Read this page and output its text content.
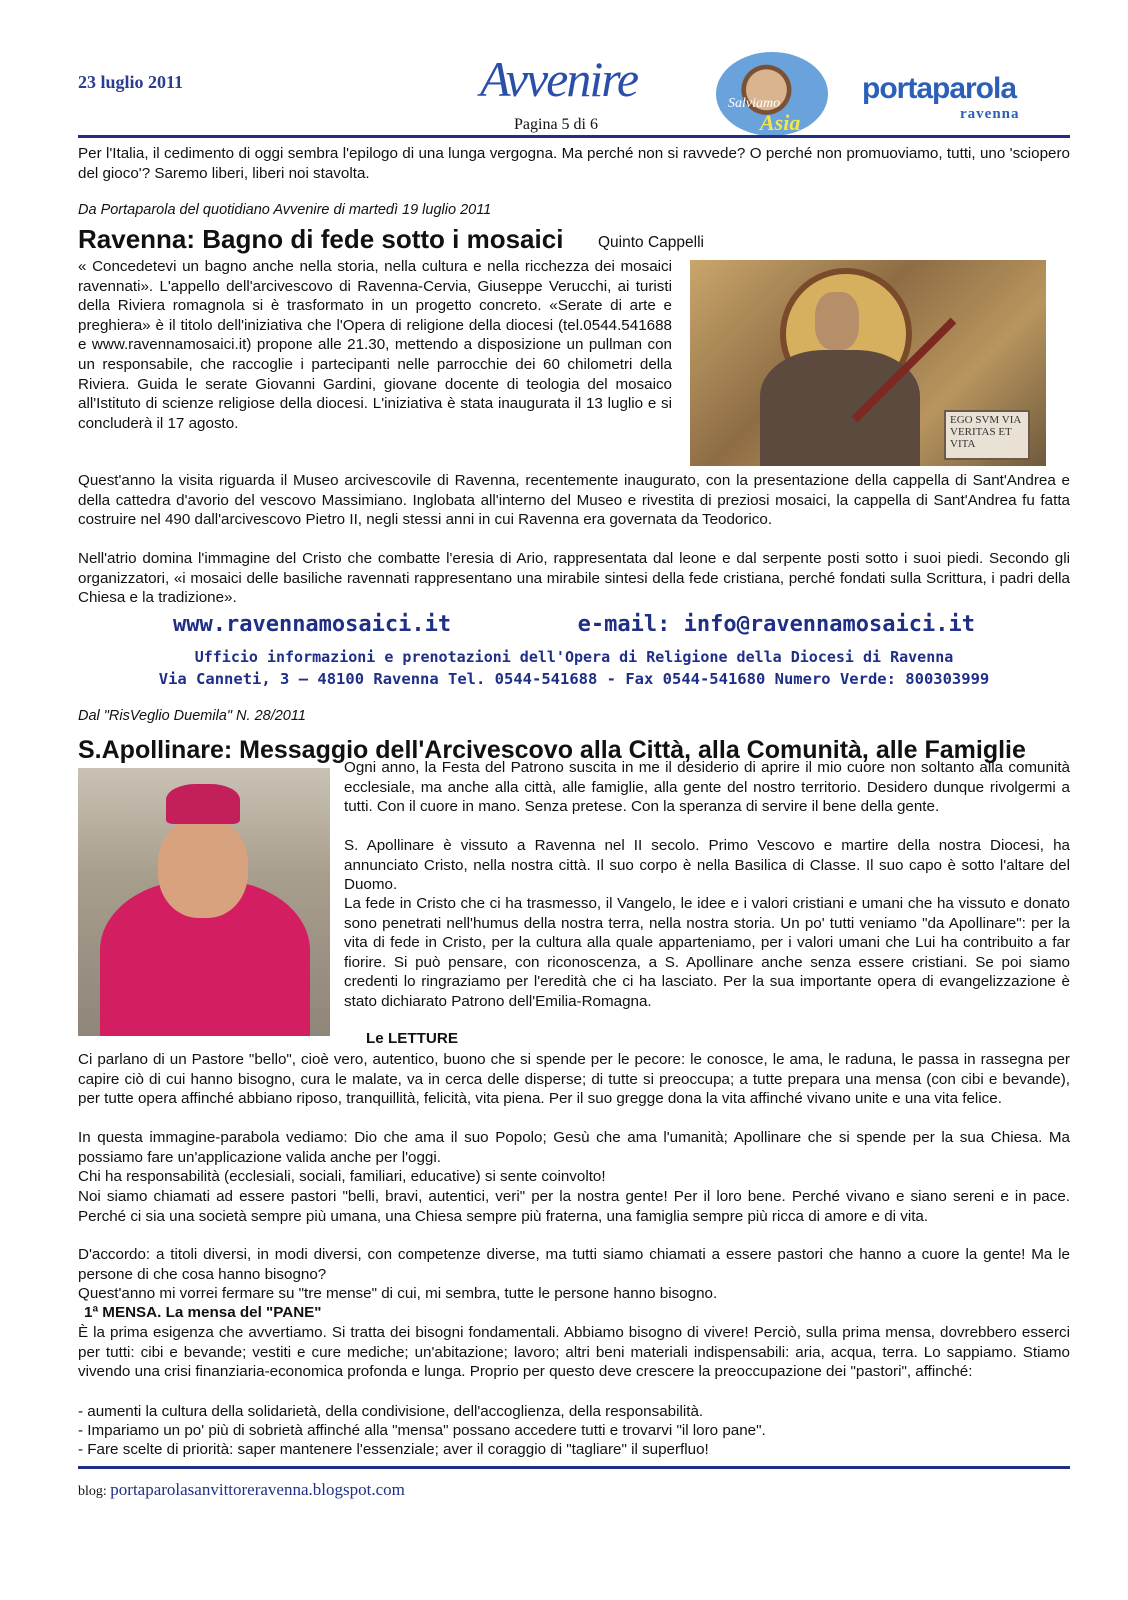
23 luglio 2011	Avvenire
Pagina 5 di 6
Salviamo
Asia
portaparola
ravenna
Per l'Italia, il cedimento di oggi sembra l'epilogo di una lunga vergogna. Ma perché non si ravvede? O perché non promuoviamo, tutti, uno 'sciopero del gioco'? Saremo liberi, liberi noi stavolta.
Da Portaparola del quotidiano Avvenire di martedì 19 luglio 2011
Ravenna: Bagno di fede sotto i mosaici Quinto Cappelli
« Concedetevi un bagno anche nella storia, nella cultura e nella ricchezza dei mosaici ravennati». L'appello dell'arcivescovo di Ravenna-Cervia, Giuseppe Verucchi, ai turisti della Riviera romagnola si è trasformato in un progetto concreto. «Serate di arte e preghiera» è il titolo dell'iniziativa che l'Opera di religione della diocesi (tel.0544.541688 e www.ravennamosaici.it) propone alle 21.30, mettendo a disposizione un pullman con un responsabile, che raccoglie i partecipanti nelle parrocchie dei 60 chilometri della Riviera. Guida le serate Giovanni Gardini, giovane docente di teologia del mosaico all'Istituto di scienze religiose della diocesi. L'iniziativa è stata inaugurata il 13 luglio e si concluderà il 17 agosto.	EGO SVM VIA VERITAS ET VITA
Quest'anno la visita riguarda il Museo arcivescovile di Ravenna, recentemente inaugurato, con la presentazione della cappella di Sant'Andrea e della cattedra d'avorio del vescovo Massimiano. Inglobata all'interno del Museo e rivestita di preziosi mosaici, la cappella di Sant'Andrea fu fatta costruire nel 490 dall'arcivescovo Pietro II, negli stessi anni in cui Ravenna era governata da Teodorico.
Nell'atrio domina l'immagine del Cristo che combatte l'eresia di Ario, rappresentata dal leone e dal serpente posti sotto i suoi piedi. Secondo gli organizzatori, «i mosaici delle basiliche ravennati rappresentano una mirabile sintesi della fede cristiana, perché fondati sulla Scrittura, i padri della Chiesa e la tradizione».
www.ravennamosaici.it	e-mail: info@ravennamosaici.it
Ufficio informazioni e prenotazioni dell'Opera di Religione della Diocesi di Ravenna
Via Canneti, 3 – 48100 Ravenna Tel. 0544-541688 - Fax 0544-541680 Numero Verde: 800303999
Dal "RisVeglio Duemila" N. 28/2011
S.Apollinare: Messaggio dell'Arcivescovo alla Città, alla Comunità, alle Famiglie
Ogni anno, la Festa del Patrono suscita in me il desiderio di aprire il mio cuore non soltanto alla comunità ecclesiale, ma anche alla città, alle famiglie, alla gente del nostro territorio. Desidero dunque rivolgermi a tutti. Con il cuore in mano. Senza pretese. Con la speranza di servire il bene della gente.
S. Apollinare è vissuto a Ravenna nel II secolo. Primo Vescovo e martire della nostra Diocesi, ha annunciato Cristo, nella nostra città. Il suo corpo è nella Basilica di Classe. Il suo capo è sotto l'altare del Duomo.
La fede in Cristo che ci ha trasmesso, il Vangelo, le idee e i valori cristiani e umani che ha vissuto e donato sono penetrati nell'humus della nostra terra, nella nostra storia. Un po' tutti veniamo "da Apollinare": per la vita di fede in Cristo, per la cultura alla quale apparteniamo, per i valori umani che Lui ha contribuito a far fiorire. Si può pensare, con riconoscenza, a S. Apollinare anche senza essere cristiani. Se poi siamo credenti lo ringraziamo per l'eredità che ci ha lasciato. Per la sua importante opera di evangelizzazione è stato dichiarato Patrono dell'Emilia-Romagna.
Le LETTURE
Ci parlano di un Pastore "bello", cioè vero, autentico, buono che si spende per le pecore: le conosce, le ama, le raduna, le passa in rassegna per capire ciò di cui hanno bisogno, cura le malate, va in cerca delle disperse; di tutte si preoccupa; a tutte prepara una mensa (con cibi e bevande), per tutte opera affinché abbiano riposo, tranquillità, felicità, vita piena. Per il suo gregge dona la vita affinché vivano unite e una vita felice.
In questa immagine-parabola vediamo: Dio che ama il suo Popolo; Gesù che ama l'umanità; Apollinare che si spende per la sua Chiesa. Ma possiamo fare un'applicazione valida anche per l'oggi.
Chi ha responsabilità (ecclesiali, sociali, familiari, educative) si sente coinvolto!
Noi siamo chiamati ad essere pastori "belli, bravi, autentici, veri" per la nostra gente! Per il loro bene. Perché vivano e siano sereni e in pace. Perché ci sia una società sempre più umana, una Chiesa sempre più fraterna, una famiglia sempre più ricca di amore e di vita.
D'accordo: a titoli diversi, in modi diversi, con competenze diverse, ma tutti siamo chiamati a essere pastori che hanno a cuore la gente! Ma le persone di che cosa hanno bisogno?
Quest'anno mi vorrei fermare su "tre mense" di cui, mi sembra, tutte le persone hanno bisogno.
1ª MENSA. La mensa del "PANE"
È la prima esigenza che avvertiamo. Si tratta dei bisogni fondamentali. Abbiamo bisogno di vivere! Perciò, sulla prima mensa, dovrebbero esserci per tutti: cibi e bevande; vestiti e cure mediche; un'abitazione; lavoro; altri beni materiali indispensabili: aria, acqua, terra. Lo sappiamo. Stiamo vivendo una crisi finanziaria-economica profonda e lunga. Proprio per questo deve crescere la preoccupazione dei "pastori", affinché:
- aumenti la cultura della solidarietà, della condivisione, dell'accoglienza, della responsabilità.
- Impariamo un po' più di sobrietà affinché alla "mensa" possano accedere tutti e trovarvi "il loro pane".
- Fare scelte di priorità: saper mantenere l'essenziale; aver il coraggio di "tagliare" il superfluo!
blog: portaparolasanvittoreravenna.blogspot.com
